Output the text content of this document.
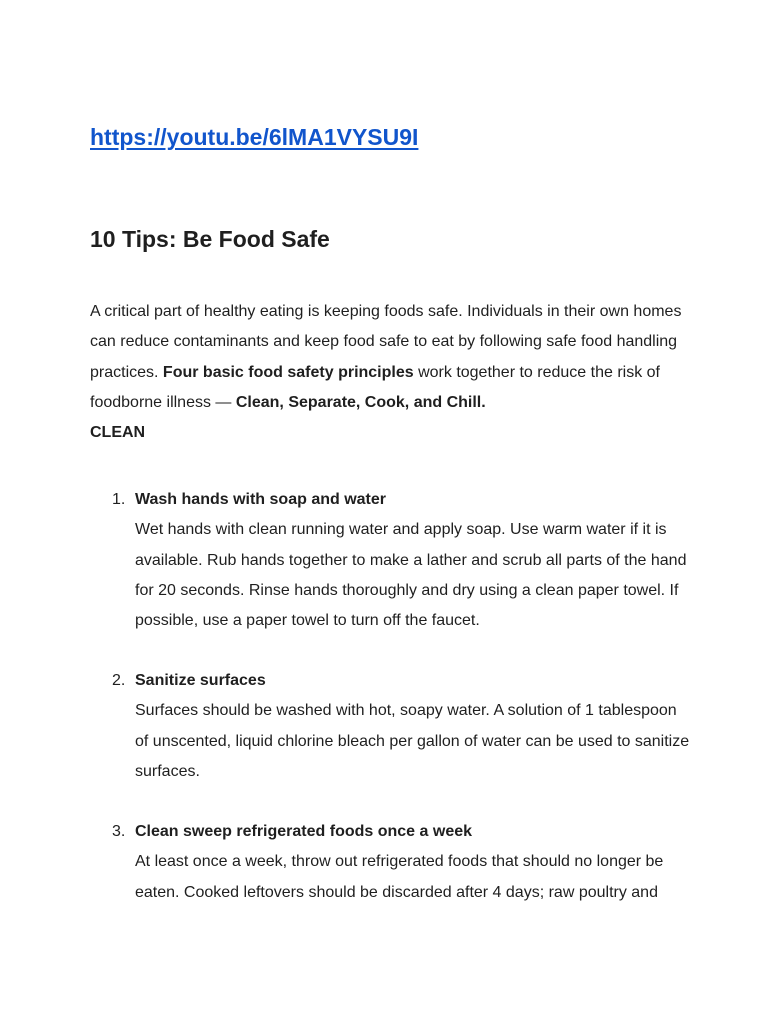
https://youtu.be/6lMA1VYSU9I
10 Tips: Be Food Safe

A critical part of healthy eating is keeping foods safe. Individuals in their own homes can reduce contaminants and keep food safe to eat by following safe food handling practices. Four basic food safety principles work together to reduce the risk of foodborne illness — Clean, Separate, Cook, and Chill.
CLEAN

1. Wash hands with soap and water
Wet hands with clean running water and apply soap. Use warm water if it is available. Rub hands together to make a lather and scrub all parts of the hand for 20 seconds. Rinse hands thoroughly and dry using a clean paper towel. If possible, use a paper towel to turn off the faucet.
2. Sanitize surfaces
Surfaces should be washed with hot, soapy water. A solution of 1 tablespoon of unscented, liquid chlorine bleach per gallon of water can be used to sanitize surfaces.
3. Clean sweep refrigerated foods once a week
At least once a week, throw out refrigerated foods that should no longer be eaten. Cooked leftovers should be discarded after 4 days; raw poultry and
